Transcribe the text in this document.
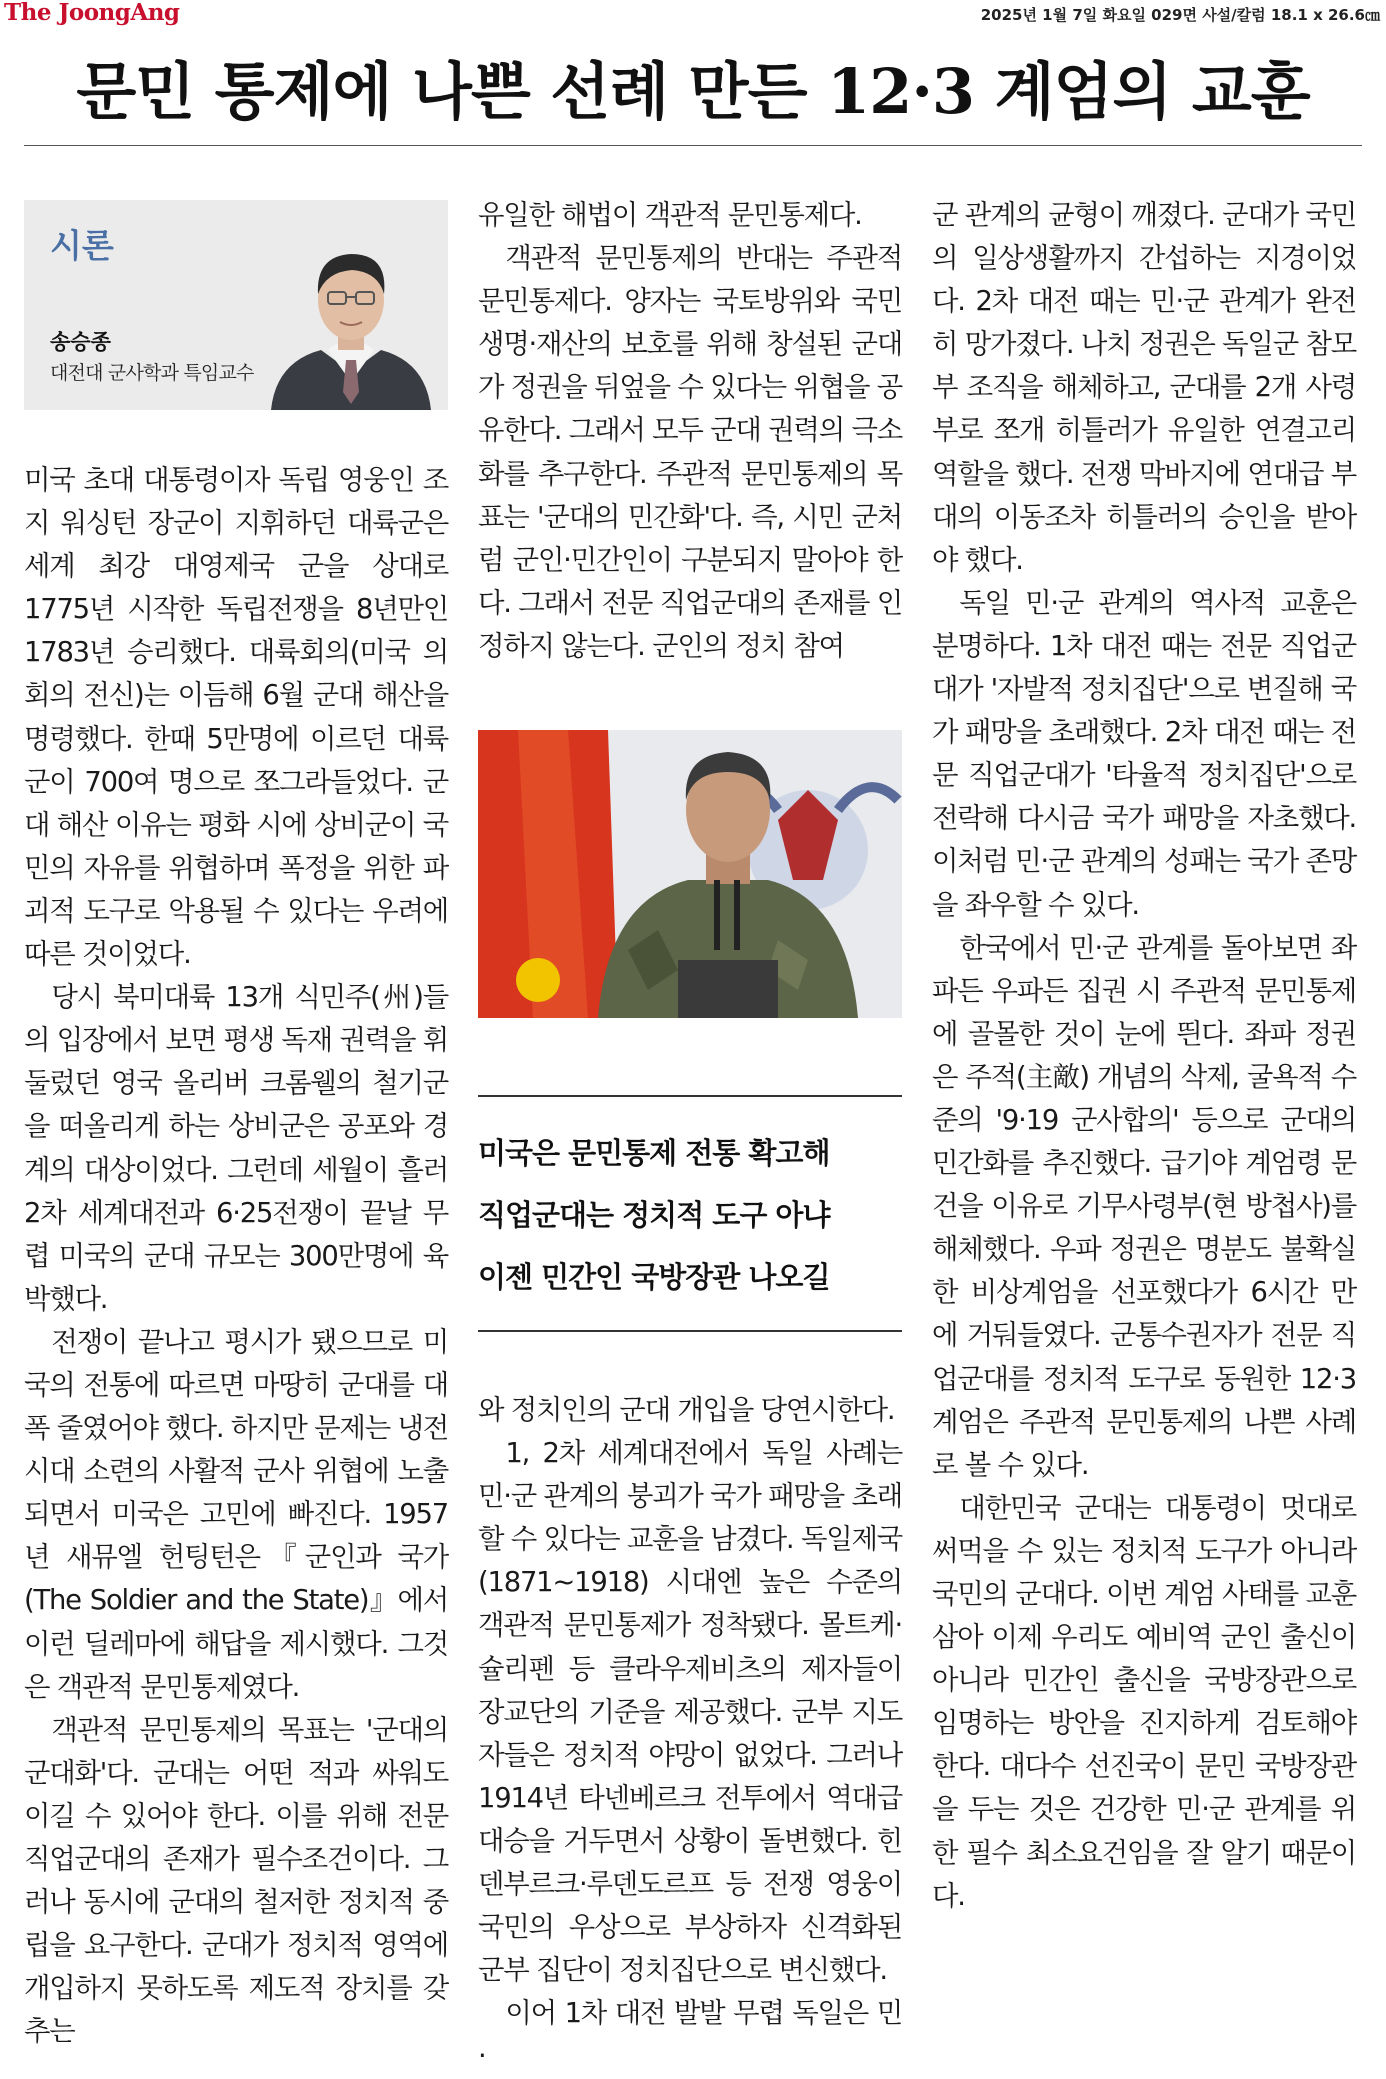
The JoongAng	2025년 1월 7일 화요일 029면 사설/칼럼 18.1 x 26.6㎝
문민 통제에 나쁜 선례 만든 12·3 계엄의 교훈
시론
송승종
대전대 군사학과 특임교수

미국 초대 대통령이자 독립 영웅인 조지 워싱턴 장군이 지휘하던 대륙군은 세계 최강 대영제국 군을 상대로 1775년 시작한 독립전쟁을 8년만인 1783년 승리했다. 대륙회의(미국 의회의 전신)는 이듬해 6월 군대 해산을 명령했다. 한때 5만명에 이르던 대륙군이 700여 명으로 쪼그라들었다. 군대 해산 이유는 평화 시에 상비군이 국민의 자유를 위협하며 폭정을 위한 파괴적 도구로 악용될 수 있다는 우려에 따른 것이었다.

당시 북미대륙 13개 식민주(州)들의 입장에서 보면 평생 독재 권력을 휘둘렀던 영국 올리버 크롬웰의 철기군을 떠올리게 하는 상비군은 공포와 경계의 대상이었다. 그런데 세월이 흘러 2차 세계대전과 6·25전쟁이 끝날 무렵 미국의 군대 규모는 300만명에 육박했다.

전쟁이 끝나고 평시가 됐으므로 미국의 전통에 따르면 마땅히 군대를 대폭 줄였어야 했다. 하지만 문제는 냉전 시대 소련의 사활적 군사 위협에 노출되면서 미국은 고민에 빠진다. 1957년 새뮤엘 헌팅턴은『군인과 국가(The Soldier and the State)』에서 이런 딜레마에 해답을 제시했다. 그것은 객관적 문민통제였다.

객관적 문민통제의 목표는 '군대의 군대화'다. 군대는 어떤 적과 싸워도 이길 수 있어야 한다. 이를 위해 전문 직업군대의 존재가 필수조건이다. 그러나 동시에 군대의 철저한 정치적 중립을 요구한다. 군대가 정치적 영역에 개입하지 못하도록 제도적 장치를 갖추는

유일한 해법이 객관적 문민통제다.

객관적 문민통제의 반대는 주관적 문민통제다. 양자는 국토방위와 국민 생명·재산의 보호를 위해 창설된 군대가 정권을 뒤엎을 수 있다는 위협을 공유한다. 그래서 모두 군대 권력의 극소화를 추구한다. 주관적 문민통제의 목표는 '군대의 민간화'다. 즉, 시민 군처럼 군인·민간인이 구분되지 말아야 한다. 그래서 전문 직업군대의 존재를 인정하지 않는다. 군인의 정치 참여

미국은 문민통제 전통 확고해
직업군대는 정치적 도구 아냐
이젠 민간인 국방장관 나오길

와 정치인의 군대 개입을 당연시한다.

1, 2차 세계대전에서 독일 사례는 민·군 관계의 붕괴가 국가 패망을 초래할 수 있다는 교훈을 남겼다. 독일제국(1871~1918) 시대엔 높은 수준의 객관적 문민통제가 정착됐다. 몰트케·슐리펜 등 클라우제비츠의 제자들이 장교단의 기준을 제공했다. 군부 지도자들은 정치적 야망이 없었다. 그러나 1914년 타넨베르크 전투에서 역대급 대승을 거두면서 상황이 돌변했다. 힌덴부르크·루덴도르프 등 전쟁 영웅이 국민의 우상으로 부상하자 신격화된 군부 집단이 정치집단으로 변신했다.

이어 1차 대전 발발 무렵 독일은 민·

군 관계의 균형이 깨졌다. 군대가 국민의 일상생활까지 간섭하는 지경이었다. 2차 대전 때는 민·군 관계가 완전히 망가졌다. 나치 정권은 독일군 참모부 조직을 해체하고, 군대를 2개 사령부로 쪼개 히틀러가 유일한 연결고리 역할을 했다. 전쟁 막바지에 연대급 부대의 이동조차 히틀러의 승인을 받아야 했다.

독일 민·군 관계의 역사적 교훈은 분명하다. 1차 대전 때는 전문 직업군대가 '자발적 정치집단'으로 변질해 국가 패망을 초래했다. 2차 대전 때는 전문 직업군대가 '타율적 정치집단'으로 전락해 다시금 국가 패망을 자초했다. 이처럼 민·군 관계의 성패는 국가 존망을 좌우할 수 있다.

한국에서 민·군 관계를 돌아보면 좌파든 우파든 집권 시 주관적 문민통제에 골몰한 것이 눈에 띈다. 좌파 정권은 주적(主敵) 개념의 삭제, 굴욕적 수준의 '9·19 군사합의' 등으로 군대의 민간화를 추진했다. 급기야 계엄령 문건을 이유로 기무사령부(현 방첩사)를 해체했다. 우파 정권은 명분도 불확실한 비상계엄을 선포했다가 6시간 만에 거둬들였다. 군통수권자가 전문 직업군대를 정치적 도구로 동원한 12·3 계엄은 주관적 문민통제의 나쁜 사례로 볼 수 있다.

대한민국 군대는 대통령이 멋대로 써먹을 수 있는 정치적 도구가 아니라 국민의 군대다. 이번 계엄 사태를 교훈 삼아 이제 우리도 예비역 군인 출신이 아니라 민간인 출신을 국방장관으로 임명하는 방안을 진지하게 검토해야 한다. 대다수 선진국이 문민 국방장관을 두는 것은 건강한 민·군 관계를 위한 필수 최소요건임을 잘 알기 때문이다.
